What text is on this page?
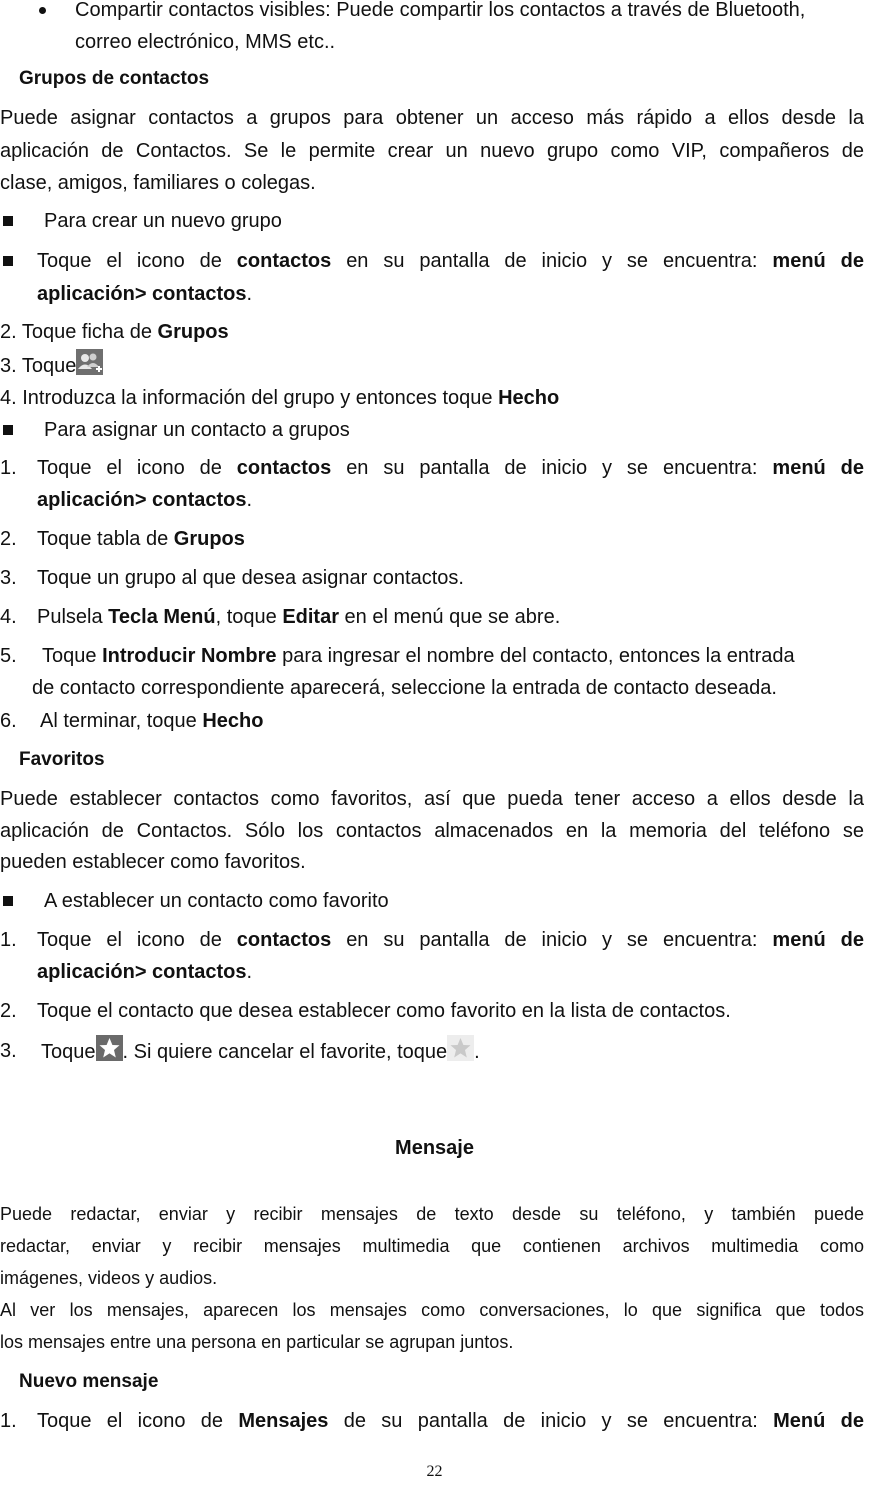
Compartir contactos visibles: Puede compartir los contactos a través de Bluetooth,
correo electrónico, MMS etc..
Grupos de contactos
Puede asignar contactos a grupos para obtener un acceso más rápido a ellos desde la
aplicación de Contactos. Se le permite crear un nuevo grupo como VIP, compañeros de
clase, amigos, familiares o colegas.
Para crear un nuevo grupo
Toque el icono de contactos en su pantalla de inicio y se encuentra: menú de
aplicación> contactos.
2. Toque ficha de Grupos
3. Toque
4. Introduzca la información del grupo y entonces toque Hecho
Para asignar un contacto a grupos
1. Toque el icono de contactos en su pantalla de inicio y se encuentra: menú de
aplicación> contactos.
2. Toque tabla de Grupos
3. Toque un grupo al que desea asignar contactos.
4. Pulsela Tecla Menú, toque Editar en el menú que se abre.
5. Toque Introducir Nombre para ingresar el nombre del contacto, entonces la entrada
de contacto correspondiente aparecerá, seleccione la entrada de contacto deseada.
6. Al terminar, toque Hecho
Favoritos
Puede establecer contactos como favoritos, así que pueda tener acceso a ellos desde la
aplicación de Contactos. Sólo los contactos almacenados en la memoria del teléfono se
pueden establecer como favoritos.
A establecer un contacto como favorito
1. Toque el icono de contactos en su pantalla de inicio y se encuentra: menú de
aplicación> contactos.
2. Toque el contacto que desea establecer como favorito en la lista de contactos.
3. Toque . Si quiere cancelar el favorite, toque .
Mensaje
Puede redactar, enviar y recibir mensajes de texto desde su teléfono, y también puede
redactar, enviar y recibir mensajes multimedia que contienen archivos multimedia como
imágenes, videos y audios.
Al ver los mensajes, aparecen los mensajes como conversaciones, lo que significa que todos
los mensajes entre una persona en particular se agrupan juntos.
Nuevo mensaje
1. Toque el icono de Mensajes de su pantalla de inicio y se encuentra: Menú de
22
